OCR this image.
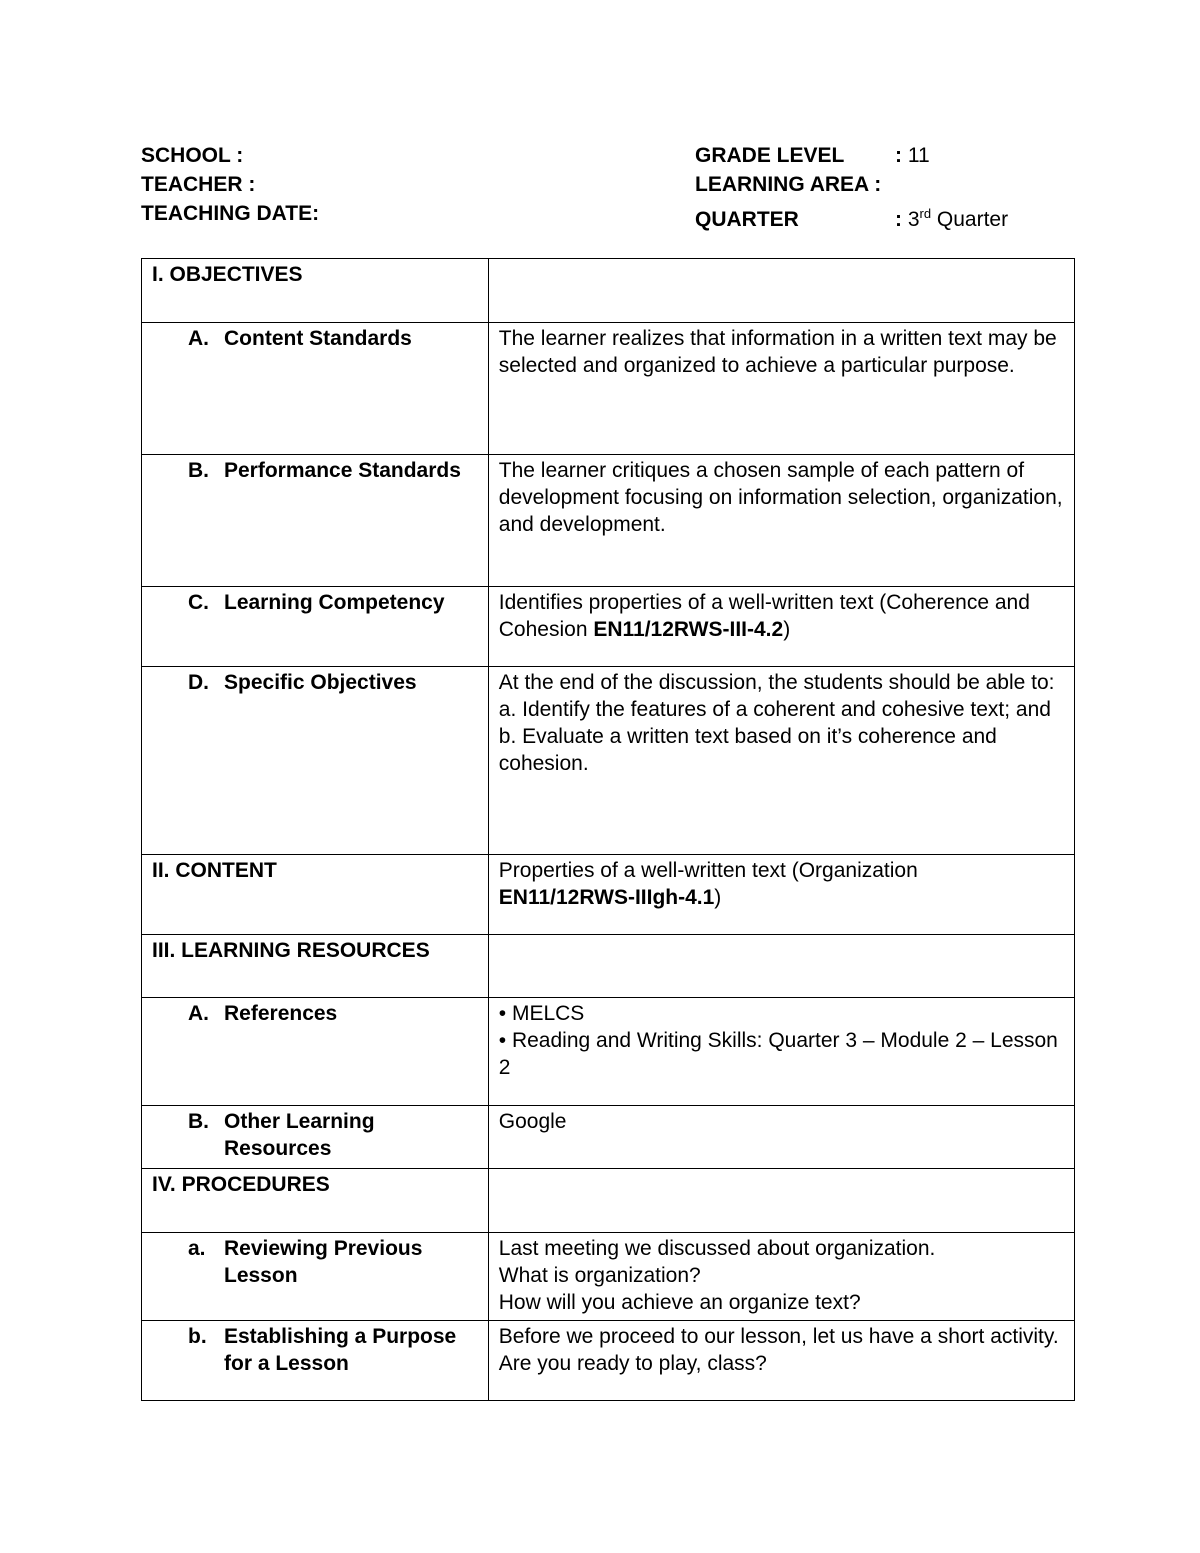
SCHOOL :
TEACHER :
TEACHING DATE:
GRADE LEVEL : 11
LEARNING AREA :
QUARTER	: 3rd Quarter
I. OBJECTIVES	

A. Content Standards	The learner realizes that information in a written text may be selected and organized to achieve a particular purpose.

B. Performance Standards	The learner critiques a chosen sample of each pattern of development focusing on information selection, organization, and development.

C. Learning Competency	Identifies properties of a well-written text (Coherence and Cohesion EN11/12RWS-III-4.2)

D. Specific Objectives	At the end of the discussion, the students should be able to:
a. Identify the features of a coherent and cohesive text; and
b. Evaluate a written text based on it’s coherence and cohesion.

II. CONTENT	Properties of a well-written text (Organization
EN11/12RWS-IIIgh-4.1)
III. LEARNING RESOURCES	

A. References	• MELCS
• Reading and Writing Skills: Quarter 3 – Module 2 – Lesson 2

B. Other Learning Resources	Google
IV. PROCEDURES	

a. Reviewing Previous Lesson	Last meeting we discussed about organization.
What is organization?
How will you achieve an organize text?

b. Establishing a Purpose for a Lesson	Before we proceed to our lesson, let us have a short activity. Are you ready to play, class?
